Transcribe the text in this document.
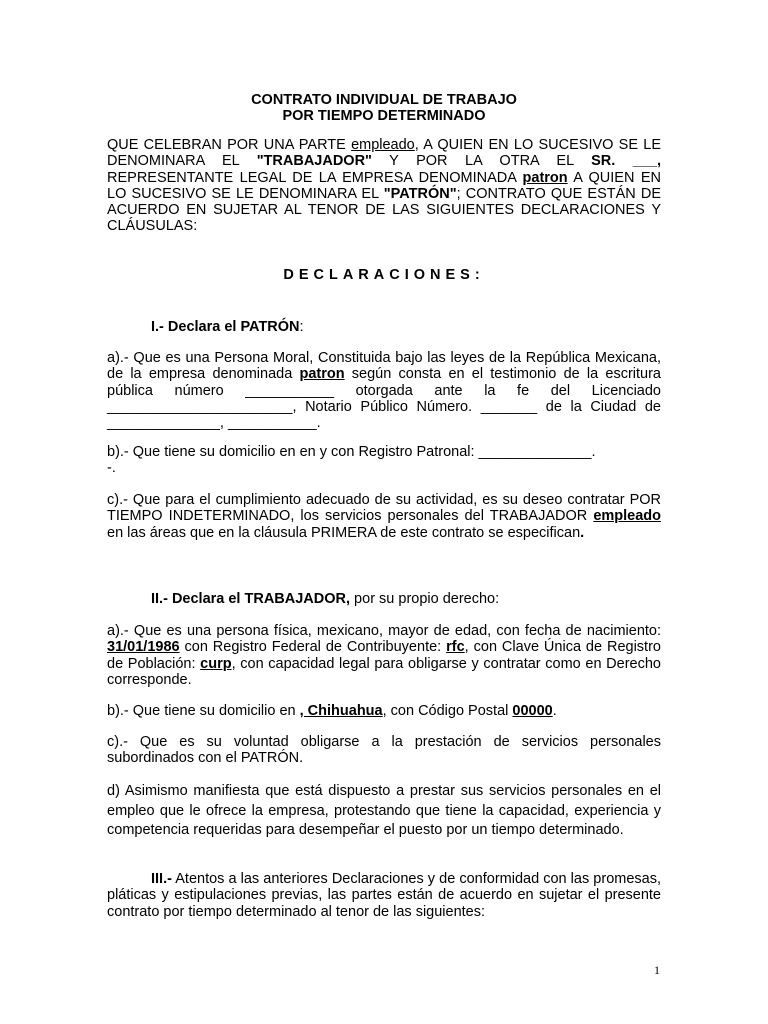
CONTRATO INDIVIDUAL DE TRABAJO
POR TIEMPO DETERMINADO
QUE CELEBRAN POR UNA PARTE empleado, A QUIEN EN LO SUCESIVO SE LE DENOMINARA EL "TRABAJADOR" Y POR LA OTRA EL SR. ___, REPRESENTANTE LEGAL DE LA EMPRESA DENOMINADA patron A QUIEN EN LO SUCESIVO SE LE DENOMINARA EL "PATRÓN"; CONTRATO QUE ESTÁN DE ACUERDO EN SUJETAR AL TENOR DE LAS SIGUIENTES DECLARACIONES Y CLÁUSULAS:
DECLARACIONES:
I.- Declara el PATRÓN:
a).- Que es una Persona Moral, Constituida bajo las leyes de la República Mexicana, de la empresa denominada patron según consta en el testimonio de la escritura pública número ___________ otorgada ante la fe del Licenciado _______________________, Notario Público Número. _______ de la Ciudad de ______________, ___________.
b).- Que tiene su domicilio en en y con Registro Patronal: ______________.
-.
c).- Que para el cumplimiento adecuado de su actividad, es su deseo contratar POR TIEMPO INDETERMINADO, los servicios personales del TRABAJADOR empleado en las áreas que en la cláusula PRIMERA de este contrato se especifican.
II.- Declara el TRABAJADOR, por su propio derecho:
a).- Que es una persona física, mexicano, mayor de edad, con fecha de nacimiento: 31/01/1986 con Registro Federal de Contribuyente: rfc, con Clave Única de Registro de Población: curp, con capacidad legal para obligarse y contratar como en Derecho corresponde.
b).- Que tiene su domicilio en , Chihuahua, con Código Postal 00000.
c).- Que es su voluntad obligarse a la prestación de servicios personales subordinados con el PATRÓN.
d) Asimismo manifiesta que está dispuesto a prestar sus servicios personales en el empleo que le ofrece la empresa, protestando que tiene la capacidad, experiencia y competencia requeridas para desempeñar el puesto por un tiempo determinado.
III.- Atentos a las anteriores Declaraciones y de conformidad con las promesas, pláticas y estipulaciones previas, las partes están de acuerdo en sujetar el presente contrato por tiempo determinado al tenor de las siguientes:
1
